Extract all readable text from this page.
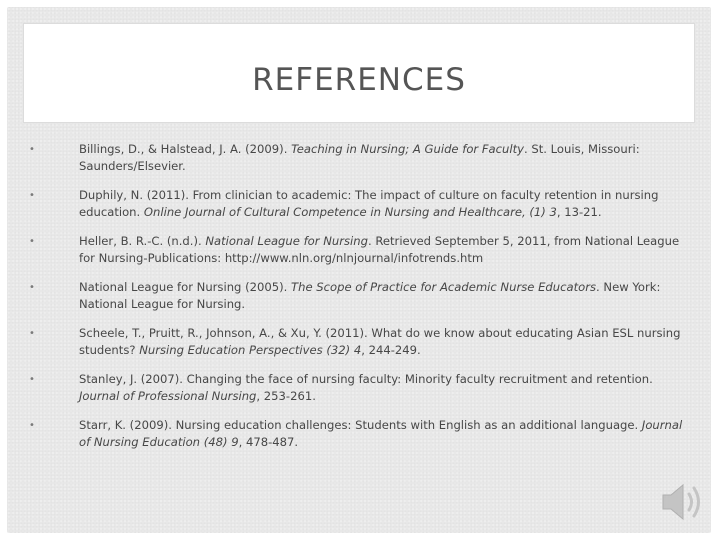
REFERENCES
•	Billings, D., & Halstead, J. A. (2009). Teaching in Nursing; A Guide for Faculty. St. Louis, Missouri: Saunders/Elsevier.
•	Duphily, N. (2011). From clinician to academic: The impact of culture on faculty retention in nursing education. Online Journal of Cultural Competence in Nursing and Healthcare, (1) 3, 13-21.
•	Heller, B. R.-C. (n.d.). National League for Nursing. Retrieved September 5, 2011, from National League for Nursing-Publications: http://www.nln.org/nlnjournal/infotrends.htm
•	National League for Nursing (2005). The Scope of Practice for Academic Nurse Educators. New York: National League for Nursing.
•	Scheele, T., Pruitt, R., Johnson, A., & Xu, Y. (2011). What do we know about educating Asian ESL nursing students? Nursing Education Perspectives (32) 4, 244-249.
•	Stanley, J. (2007). Changing the face of nursing faculty: Minority faculty recruitment and retention. Journal of Professional Nursing, 253-261.
•	Starr, K. (2009). Nursing education challenges: Students with English as an additional language. Journal of Nursing Education (48) 9, 478-487.
